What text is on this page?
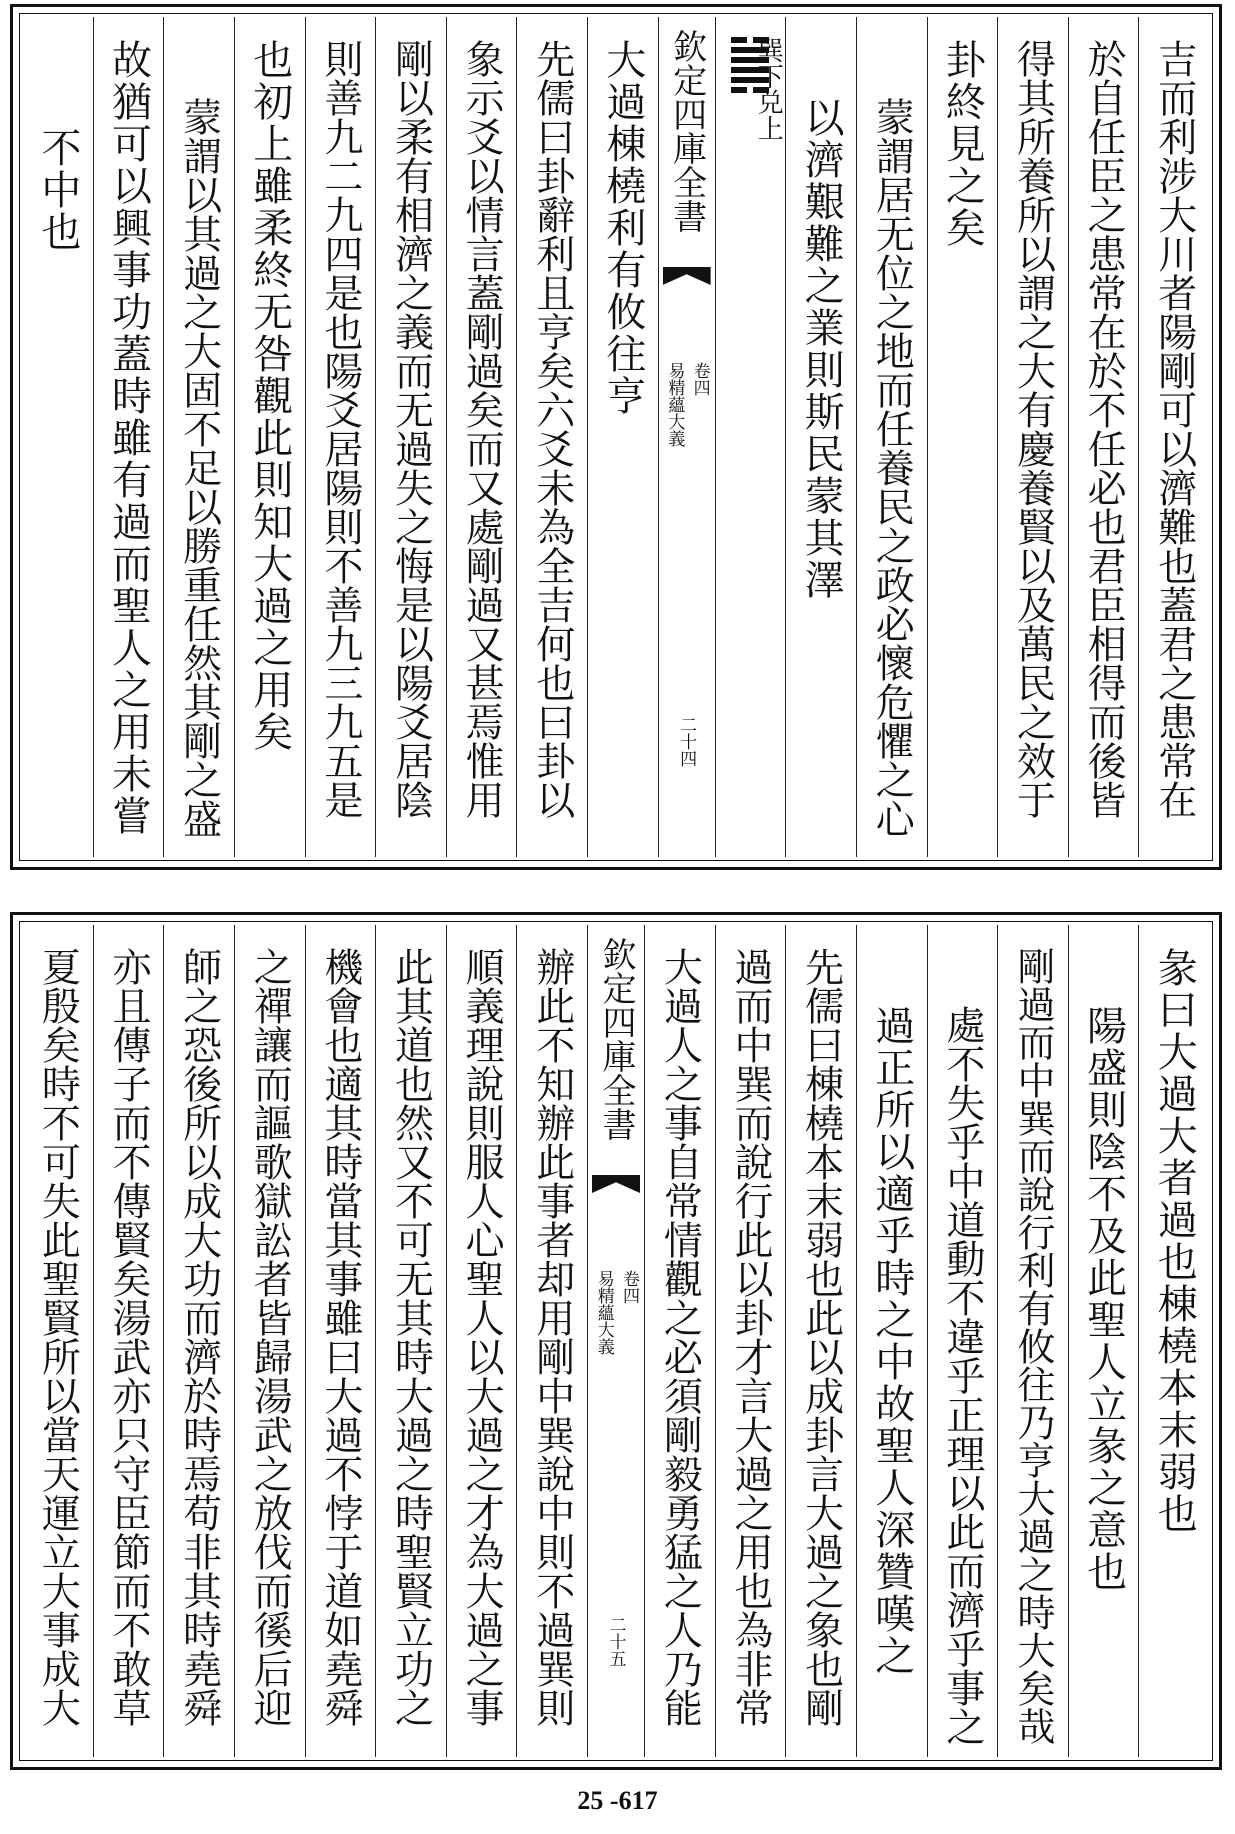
吉而利涉大川者陽剛可以濟難也蓋君之患常在
於自任臣之患常在於不任必也君臣相得而後皆
得其所養所以謂之大有慶養賢以及萬民之效于
卦終見之矣
蒙謂居无位之地而任養民之政必懷危懼之心
以濟艱難之業則斯民蒙其澤
巽下兑上
欽定四庫全書
易精蘊大義 卷四
二十四
大過棟橈利有攸往亨
先儒曰卦辭利且亨矣六爻未為全吉何也曰卦以
象示爻以情言蓋剛過矣而又處剛過又甚焉惟用
剛以柔有相濟之義而无過失之悔是以陽爻居陰
則善九二九四是也陽爻居陽則不善九三九五是
也初上雖柔終无咎觀此則知大過之用矣
蒙謂以其過之大固不足以勝重任然其剛之盛
故猶可以興事功蓋時雖有過而聖人之用未嘗
不中也
彖曰大過大者過也棟橈本末弱也
陽盛則陰不及此聖人立彖之意也
剛過而中巽而說行利有攸往乃亨大過之時大矣哉
處不失乎中道動不違乎正理以此而濟乎事之
過正所以適乎時之中故聖人深贊嘆之
先儒曰棟橈本末弱也此以成卦言大過之象也剛
過而中巽而說行此以卦才言大過之用也為非常
大過人之事自常情觀之必須剛毅勇猛之人乃能
欽定四庫全書
易精蘊大義 卷四
二十五
辦此不知辦此事者却用剛中巽說中則不過巽則
順義理說則服人心聖人以大過之才為大過之事
此其道也然又不可无其時大過之時聖賢立功之
機會也適其時當其事雖曰大過不悖于道如堯舜
之禪讓而謳歌獄訟者皆歸湯武之放伐而徯后迎
師之恐後所以成大功而濟於時焉苟非其時堯舜
亦且傳子而不傳賢矣湯武亦只守臣節而不敢草
夏殷矣時不可失此聖賢所以當天運立大事成大
25 -617
